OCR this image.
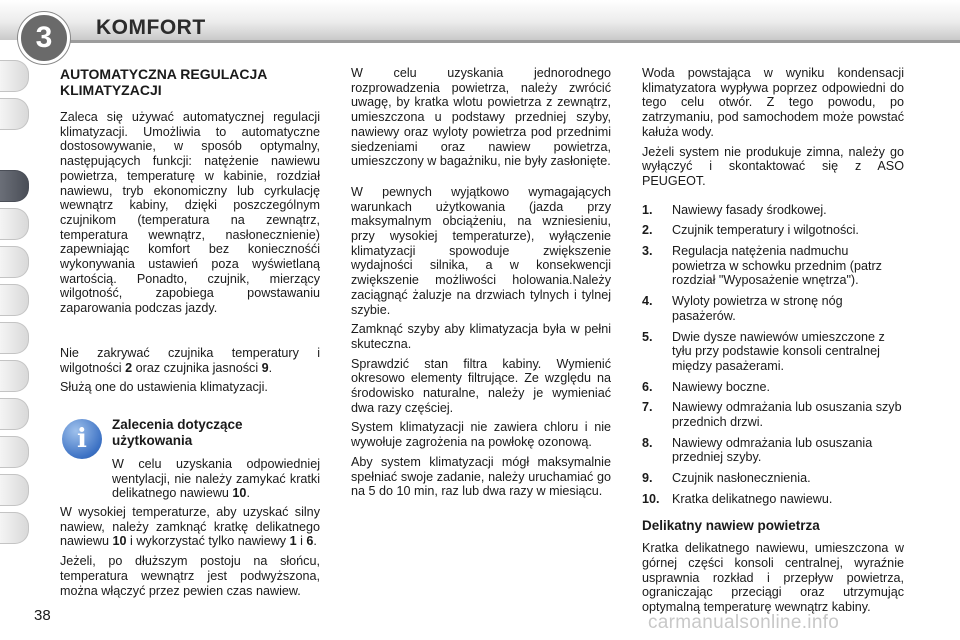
3	KOMFORT
AUTOMATYCZNA REGULACJA KLIMATYZACJI

Zaleca się używać automatycznej regulacji klimatyzacji. Umożliwia to automatyczne dostosowywanie, w sposób optymalny, następujących funkcji: natężenie nawiewu powietrza, temperaturę w kabinie, rozdział nawiewu, tryb ekonomiczny lub cyrkulację wewnątrz kabiny, dzięki poszczególnym czujnikom (temperatura na zewnątrz, temperatura wewnątrz, nasłonecznienie) zapewniając komfort bez koniecznośći wykonywania ustawień poza wyświetlaną wartością. Ponadto, czujnik, mierzący wilgotność, zapobiega powstawaniu zaparowania podczas jazdy.

Nie zakrywać czujnika temperatury i wilgotności 2 oraz czujnika jasności 9.

Służą one do ustawienia klimatyzacji.

i	Zalecenia dotyczące użytkowania

W celu uzyskania odpowiedniej wentylacji, nie należy zamykać kratki delikatnego nawiewu 10.

W wysokiej temperaturze, aby uzyskać silny nawiew, należy zamknąć kratkę delikatnego nawiewu 10 i wykorzystać tylko nawiewy 1 i 6.

Jeżeli, po dłuższym postoju na słońcu, temperatura wewnątrz jest podwyższona, można włączyć przez pewien czas nawiew.

W celu uzyskania jednorodnego rozprowadzenia powietrza, należy zwrócić uwagę, by kratka wlotu powietrza z zewnątrz, umieszczona u podstawy przedniej szyby, nawiewy oraz wyloty powietrza pod przednimi siedzeniami oraz nawiew powietrza, umieszczony w bagażniku, nie były zasłonięte.

W pewnych wyjątkowo wymagających warunkach użytkowania (jazda przy maksymalnym obciążeniu, na wzniesieniu, przy wysokiej temperaturze), wyłączenie klimatyzacji spowoduje zwiększenie wydajności silnika, a w konsekwencji zwiększenie możliwości holowania.Należy zaciągnąć żaluzje na drzwiach tylnych i tylnej szybie.

Zamknąć szyby aby klimatyzacja była w pełni skuteczna.

Sprawdzić stan filtra kabiny. Wymienić okresowo elementy filtrujące. Ze względu na środowisko naturalne, należy je wymieniać dwa razy częściej.

System klimatyzacji nie zawiera chloru i nie wywołuje zagrożenia na powłokę ozonową.

Aby system klimatyzacji mógł maksymalnie spełniać swoje zadanie, należy uruchamiać go na 5 do 10 min, raz lub dwa razy w miesiącu.

Woda powstająca w wyniku kondensacji klimatyzatora wypływa poprzez odpowiedni do tego celu otwór. Z tego powodu, po zatrzymaniu, pod samochodem może powstać kałuża wody.

Jeżeli system nie produkuje zimna, należy go wyłączyć i skontaktować się z ASO PEUGEOT.

1.	Nawiewy fasady środkowej.
2.	Czujnik temperatury i wilgotności.
3.	Regulacja natężenia nadmuchu powietrza w schowku przednim (patrz rozdział "Wyposażenie wnętrza").
4.	Wyloty powietrza w stronę nóg pasażerów.
5.	Dwie dysze nawiewów umieszczone z tyłu przy podstawie konsoli centralnej między pasażerami.
6.	Nawiewy boczne.
7.	Nawiewy odmrażania lub osuszania szyb przednich drzwi.
8.	Nawiewy odmrażania lub osuszania przedniej szyby.
9.	Czujnik nasłonecznienia.
10. Kratka delikatnego nawiewu.
Delikatny nawiew powietrza

Kratka delikatnego nawiewu, umieszczona w górnej części konsoli centralnej, wyraźnie usprawnia rozkład i przepływ powietrza, ograniczając przeciągi oraz utrzymując optymalną temperaturę wewnątrz kabiny.

38	carmanualsonline.info
